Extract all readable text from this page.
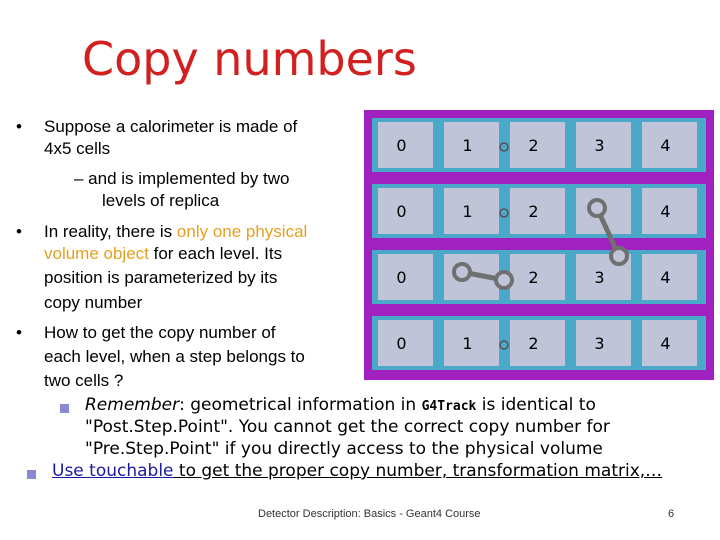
Copy numbers
• Suppose a calorimeter is made of
4x5 cells
– and is implemented by two
levels of replica
• In reality, there is only one physical
volume object for each level. Its
position is parameterized by its
copy number
• How to get the copy number of
each level, when a step belongs to
two cells ?
0	1	2	3	4
0	1	2	4
0	2	3	4
0	1	2	3	4
Remember: geometrical information in G4Track is identical to
"Post.Step.Point". You cannot get the correct copy number for
"Pre.Step.Point" if you directly access to the physical volume
Use touchable to get the proper copy number, transformation matrix,…
Detector Description: Basics - Geant4 Course	6
